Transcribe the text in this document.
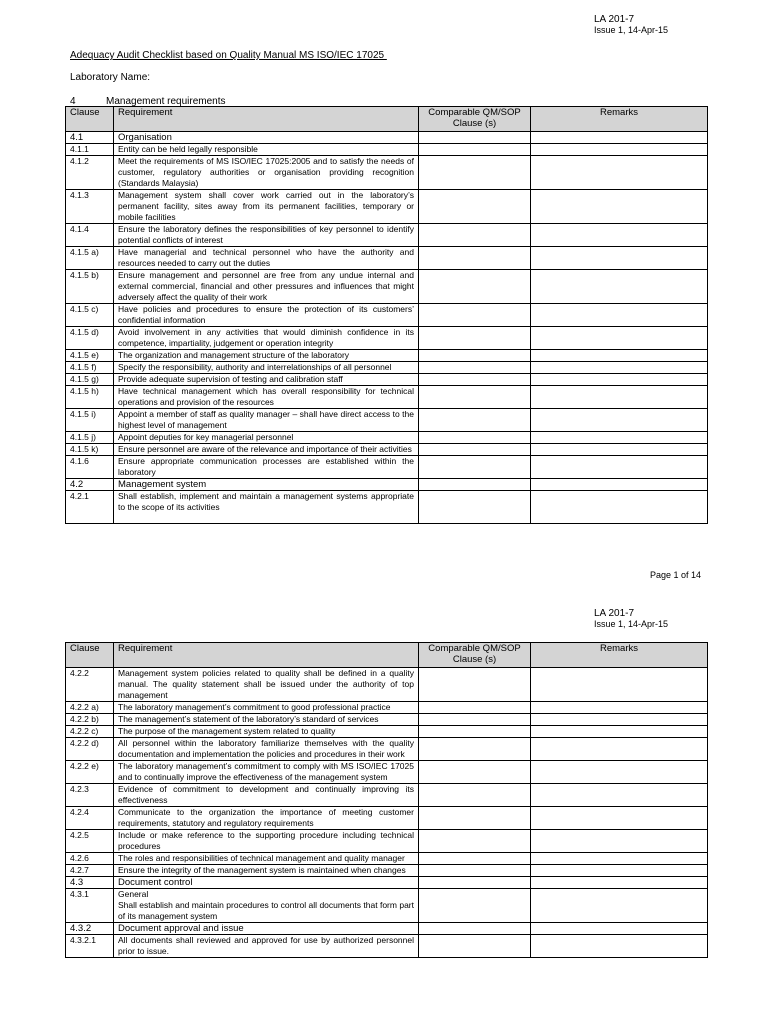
LA 201-7
Issue 1, 14-Apr-15
Adequacy Audit Checklist based on Quality Manual MS ISO/IEC 17025
Laboratory Name:
4	Management requirements
Clause	Requirement	Comparable QM/SOP Clause (s)	Remarks
4.1	Organisation		
4.1.1	Entity can be held legally responsible		
4.1.2	Meet the requirements of MS ISO/IEC 17025:2005 and to satisfy the needs of customer, regulatory authorities or organisation providing recognition (Standards Malaysia)		
4.1.3	Management system shall cover work carried out in the laboratory’s permanent facility, sites away from its permanent facilities, temporary or mobile facilities		
4.1.4	Ensure the laboratory defines the responsibilities of key personnel to identify potential conflicts of interest		
4.1.5 a)	Have managerial and technical personnel who have the authority and resources needed to carry out the duties		
4.1.5 b)	Ensure management and personnel are free from any undue internal and external commercial, financial and other pressures and influences that might adversely affect the quality of their work		
4.1.5 c)	Have policies and procedures to ensure the protection of its customers’ confidential information		
4.1.5 d)	Avoid involvement in any activities that would diminish confidence in its competence, impartiality, judgement or operation integrity		
4.1.5 e)	The organization and management structure of the laboratory		
4.1.5 f)	Specify the responsibility, authority and interrelationships of all personnel		
4.1.5 g)	Provide adequate supervision of testing and calibration staff		
4.1.5 h)	Have technical management which has overall responsibility for technical operations and provision of the resources		
4.1.5 i)	Appoint a member of staff as quality manager – shall have direct access to the highest level of management		
4.1.5 j)	Appoint deputies for key managerial personnel		
4.1.5 k)	Ensure personnel are aware of the relevance and importance of their activities		
4.1.6	Ensure appropriate communication processes are established within the laboratory		
4.2	Management system		
4.2.1	Shall establish, implement and maintain a management systems appropriate to the scope of its activities		
Page 1 of 14
LA 201-7
Issue 1, 14-Apr-15
Clause	Requirement	Comparable QM/SOP Clause (s)	Remarks
4.2.2	Management system policies related to quality shall be defined in a quality manual. The quality statement shall be issued under the authority of top management		
4.2.2 a)	The laboratory management’s commitment to good professional practice		
4.2.2 b)	The management’s statement of the laboratory’s standard of services		
4.2.2 c)	The purpose of the management system related to quality		
4.2.2 d)	All personnel within the laboratory familiarize themselves with the quality documentation and implementation the policies and procedures in their work		
4.2.2 e)	The laboratory management’s commitment to comply with MS ISO/IEC 17025 and to continually improve the effectiveness of the management system		
4.2.3	Evidence of commitment to development and continually improving its effectiveness		
4.2.4	Communicate to the organization the importance of meeting customer requirements, statutory and regulatory requirements		
4.2.5	Include or make reference to the supporting procedure including technical procedures		
4.2.6	The roles and responsibilities of technical management and quality manager		
4.2.7	Ensure the integrity of the management system is maintained when changes		
4.3	Document control		
4.3.1	General
Shall establish and maintain procedures to control all documents that form part of its management system		

4.3.2	Document approval and issue		
4.3.2.1	All documents shall reviewed and approved for use by authorized personnel prior to issue.		
